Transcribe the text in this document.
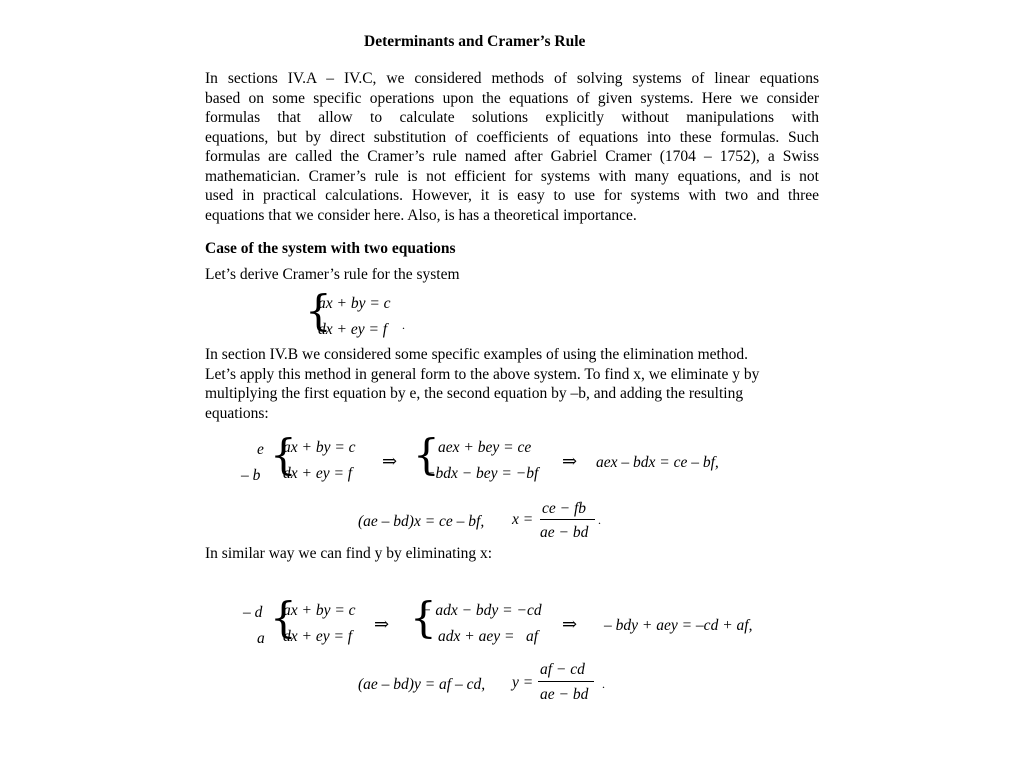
Determinants and Cramer’s Rule
In sections IV.A – IV.C, we considered methods of solving systems of linear equations
based on some specific operations upon the equations of given systems. Here we consider
formulas that allow to calculate solutions explicitly without manipulations with
equations, but by direct substitution of coefficients of equations into these formulas. Such
formulas are called the Cramer’s rule named after Gabriel Cramer (1704 – 1752), a Swiss
mathematician. Cramer’s rule is not efficient for systems with many equations, and is not
used in practical calculations. However, it is easy to use for systems with two and three
equations that we consider here. Also, is has a theoretical importance.
Case of the system with two equations
Let’s derive Cramer’s rule for the system
{
ax + by = c
dx + ey = f .
In section IV.B we considered some specific examples of using the elimination method.
Let’s apply this method in general form to the above system. To find x, we eliminate y by
multiplying the first equation by e, the second equation by –b, and adding the resulting
equations:
e
– b {
ax + by = c
dx + ey = f
⇒ {
aex + bey = ce
−bdx − bey = −bf
⇒ aex – bdx = ce – bf,
(ae – bd)x = ce – bf, x =
ce − fb
ae − bd
.
In similar way we can find y by eliminating x:
– d
a {
ax + by = c
dx + ey = f
⇒ {
− adx − bdy = −cd
adx + aey =   af
⇒ – bdy + aey = –cd + af,
(ae – bd)y = af – cd, y =
af − cd
ae − bd
.
